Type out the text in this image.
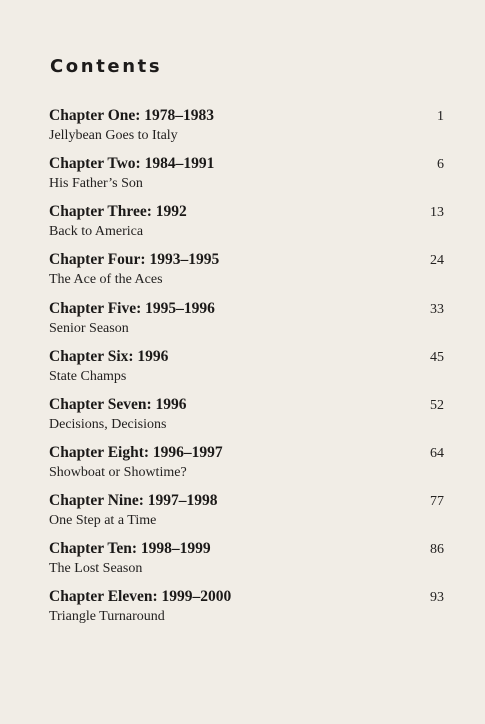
Contents
Chapter One: 1978–1983
Jellybean Goes to Italy
1
Chapter Two: 1984–1991
His Father’s Son
6
Chapter Three: 1992
Back to America
13
Chapter Four: 1993–1995
The Ace of the Aces
24
Chapter Five: 1995–1996
Senior Season
33
Chapter Six: 1996
State Champs
45
Chapter Seven: 1996
Decisions, Decisions
52
Chapter Eight: 1996–1997
Showboat or Showtime?
64
Chapter Nine: 1997–1998
One Step at a Time
77
Chapter Ten: 1998–1999
The Lost Season
86
Chapter Eleven: 1999–2000
Triangle Turnaround
93
